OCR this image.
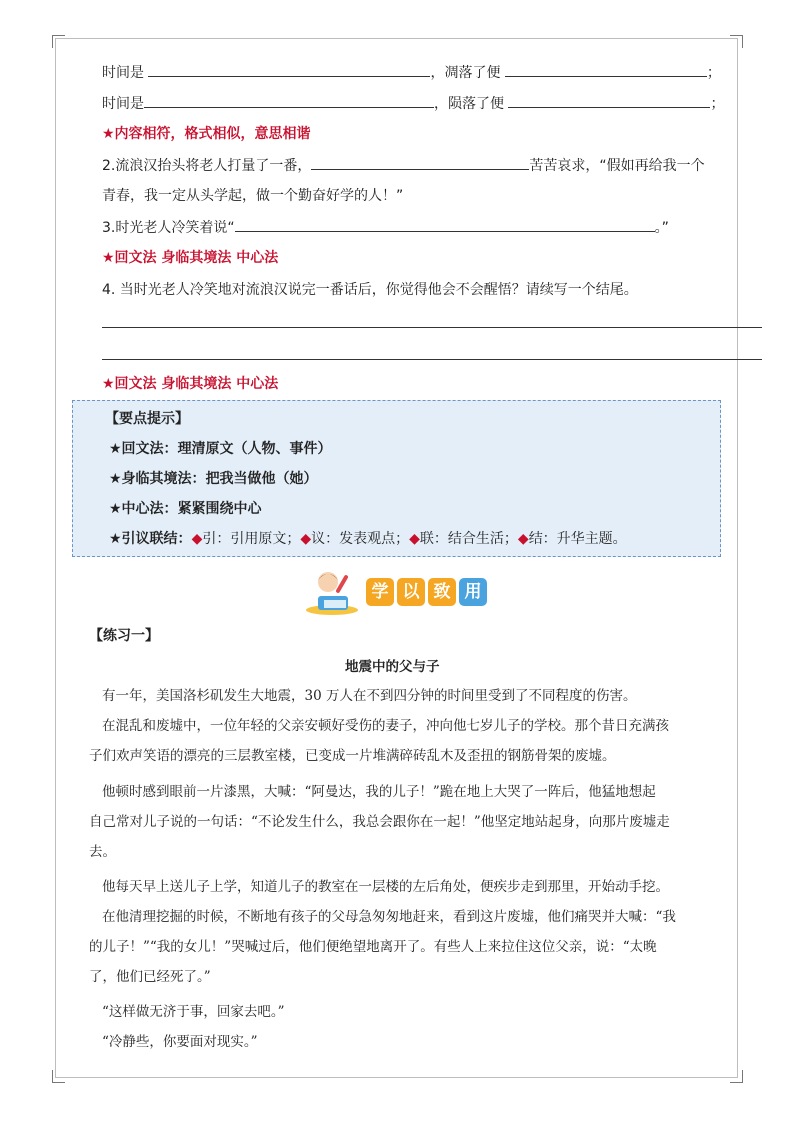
时间是	，凋落了便	；
时间是	，陨落了便	；
★内容相符，格式相似，意思相谐
2.流浪汉抬头将老人打量了一番，	苦苦哀求，“假如再给我一个
青春，我一定从头学起，做一个勤奋好学的人！”
3.时光老人冷笑着说“	。”
★回文法 身临其境法 中心法
4. 当时光老人冷笑地对流浪汉说完一番话后，你觉得他会不会醒悟？请续写一个结尾。
★回文法 身临其境法 中心法
【要点提示】
★回文法：理清原文（人物、事件）
★身临其境法：把我当做他（她）
★中心法：紧紧围绕中心
★引议联结：◆引：引用原文；◆议：发表观点；◆联：结合生活；◆结：升华主题。
学 以 致 用
【练习一】
地震中的父与子
有一年，美国洛杉矶发生大地震，30 万人在不到四分钟的时间里受到了不同程度的伤害。
在混乱和废墟中，一位年轻的父亲安顿好受伤的妻子，冲向他七岁儿子的学校。那个昔日充满孩
子们欢声笑语的漂亮的三层教室楼，已变成一片堆满碎砖乱木及歪扭的钢筋骨架的废墟。
他顿时感到眼前一片漆黑，大喊：“阿曼达，我的儿子！”跪在地上大哭了一阵后，他猛地想起
自己常对儿子说的一句话：“不论发生什么，我总会跟你在一起！”他坚定地站起身，向那片废墟走
去。
他每天早上送儿子上学，知道儿子的教室在一层楼的左后角处，便疾步走到那里，开始动手挖。
在他清理挖掘的时候，不断地有孩子的父母急匆匆地赶来，看到这片废墟，他们痛哭并大喊：“我
的儿子！”“我的女儿！”哭喊过后，他们便绝望地离开了。有些人上来拉住这位父亲，说：“太晚
了，他们已经死了。”
“这样做无济于事，回家去吧。”
“冷静些，你要面对现实。”
